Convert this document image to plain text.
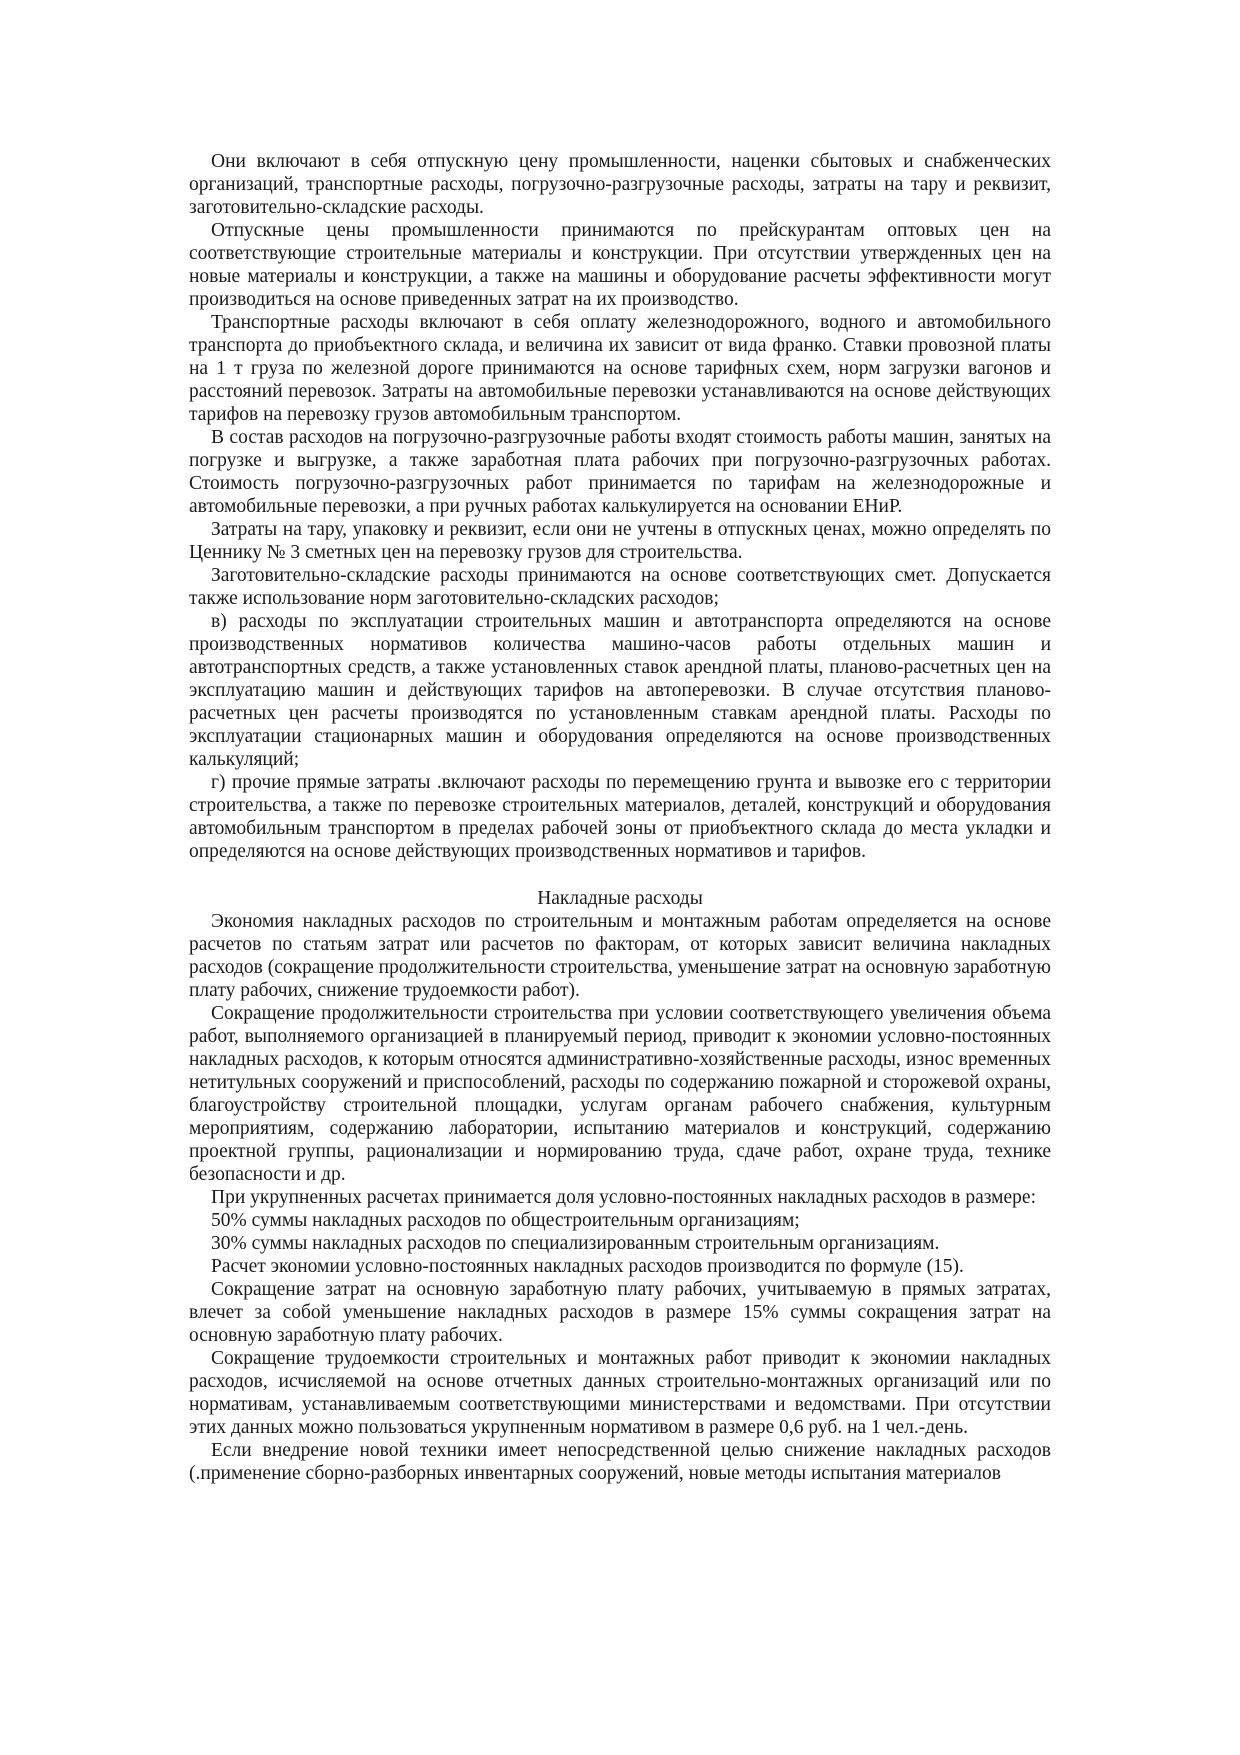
Они включают в себя отпускную цену промышленности, наценки сбытовых и снабженческих организаций, транспортные расходы, погрузочно-разгрузочные расходы, затраты на тару и реквизит, заготовительно-складские расходы.

Отпускные цены промышленности принимаются по прейскурантам оптовых цен на соответствующие строительные материалы и конструкции. При отсутствии утвержденных цен на новые материалы и конструкции, а также на машины и оборудование расчеты эффективности могут производиться на основе приведенных затрат на их производство.

Транспортные расходы включают в себя оплату железнодорожного, водного и автомобильного транспорта до приобъектного склада, и величина их зависит от вида франко. Ставки провозной платы на 1 т груза по железной дороге принимаются на основе тарифных схем, норм загрузки вагонов и расстояний перевозок. Затраты на автомобильные перевозки устанавливаются на основе действующих тарифов на перевозку грузов автомобильным транспортом.

В состав расходов на погрузочно-разгрузочные работы входят стоимость работы машин, занятых на погрузке и выгрузке, а также заработная плата рабочих при погрузочно-разгрузочных работах. Стоимость погрузочно-разгрузочных работ принимается по тарифам на железнодорожные и автомобильные перевозки, а при ручных работах калькулируется на основании ЕНиР.

Затраты на тару, упаковку и реквизит, если они не учтены в отпускных ценах, можно определять по Ценнику № 3 сметных цен на перевозку грузов для строительства.

Заготовительно-складские расходы принимаются на основе соответствующих смет. Допускается также использование норм заготовительно-складских расходов;

в) расходы по эксплуатации строительных машин и автотранспорта определяются на основе производственных нормативов количества машино-часов работы отдельных машин и автотранспортных средств, а также установленных ставок арендной платы, планово-расчетных цен на эксплуатацию машин и действующих тарифов на автоперевозки. В случае отсутствия планово-расчетных цен расчеты производятся по установленным ставкам арендной платы. Расходы по эксплуатации стационарных машин и оборудования определяются на основе производственных калькуляций;

г) прочие прямые затраты .включают расходы по перемещению грунта и вывозке его с территории строительства, а также по перевозке строительных материалов, деталей, конструкций и оборудования автомобильным транспортом в пределах рабочей зоны от приобъектного склада до места укладки и определяются на основе действующих производственных нормативов и тарифов.

Накладные расходы

Экономия накладных расходов по строительным и монтажным работам определяется на основе расчетов по статьям затрат или расчетов по факторам, от которых зависит величина накладных расходов (сокращение продолжительности строительства, уменьшение затрат на основную заработную плату рабочих, снижение трудоемкости работ).

Сокращение продолжительности строительства при условии соответствующего увеличения объема работ, выполняемого организацией в планируемый период, приводит к экономии условно-постоянных накладных расходов, к которым относятся административно-хозяйственные расходы, износ временных нетитульных сооружений и приспособлений, расходы по содержанию пожарной и сторожевой охраны, благоустройству строительной площадки, услугам органам рабочего снабжения, культурным мероприятиям, содержанию лаборатории, испытанию материалов и конструкций, содержанию проектной группы, рационализации и нормированию труда, сдаче работ, охране труда, технике безопасности и др.

При укрупненных расчетах принимается доля условно-постоянных накладных расходов в размере:

50% суммы накладных расходов по общестроительным организациям;

30% суммы накладных расходов по специализированным строительным организациям.

Расчет экономии условно-постоянных накладных расходов производится по формуле (15).

Сокращение затрат на основную заработную плату рабочих, учитываемую в прямых затратах, влечет за собой уменьшение накладных расходов в размере 15% суммы сокращения затрат на основную заработную плату рабочих.

Сокращение трудоемкости строительных и монтажных работ приводит к экономии накладных расходов, исчисляемой на основе отчетных данных строительно-монтажных организаций или по нормативам, устанавливаемым соответствующими министерствами и ведомствами. При отсутствии этих данных можно пользоваться укрупненным нормативом в размере 0,6 руб. на 1 чел.-день.

Если внедрение новой техники имеет непосредственной целью снижение накладных расходов (.применение сборно-разборных инвентарных сооружений, новые методы испытания материалов
